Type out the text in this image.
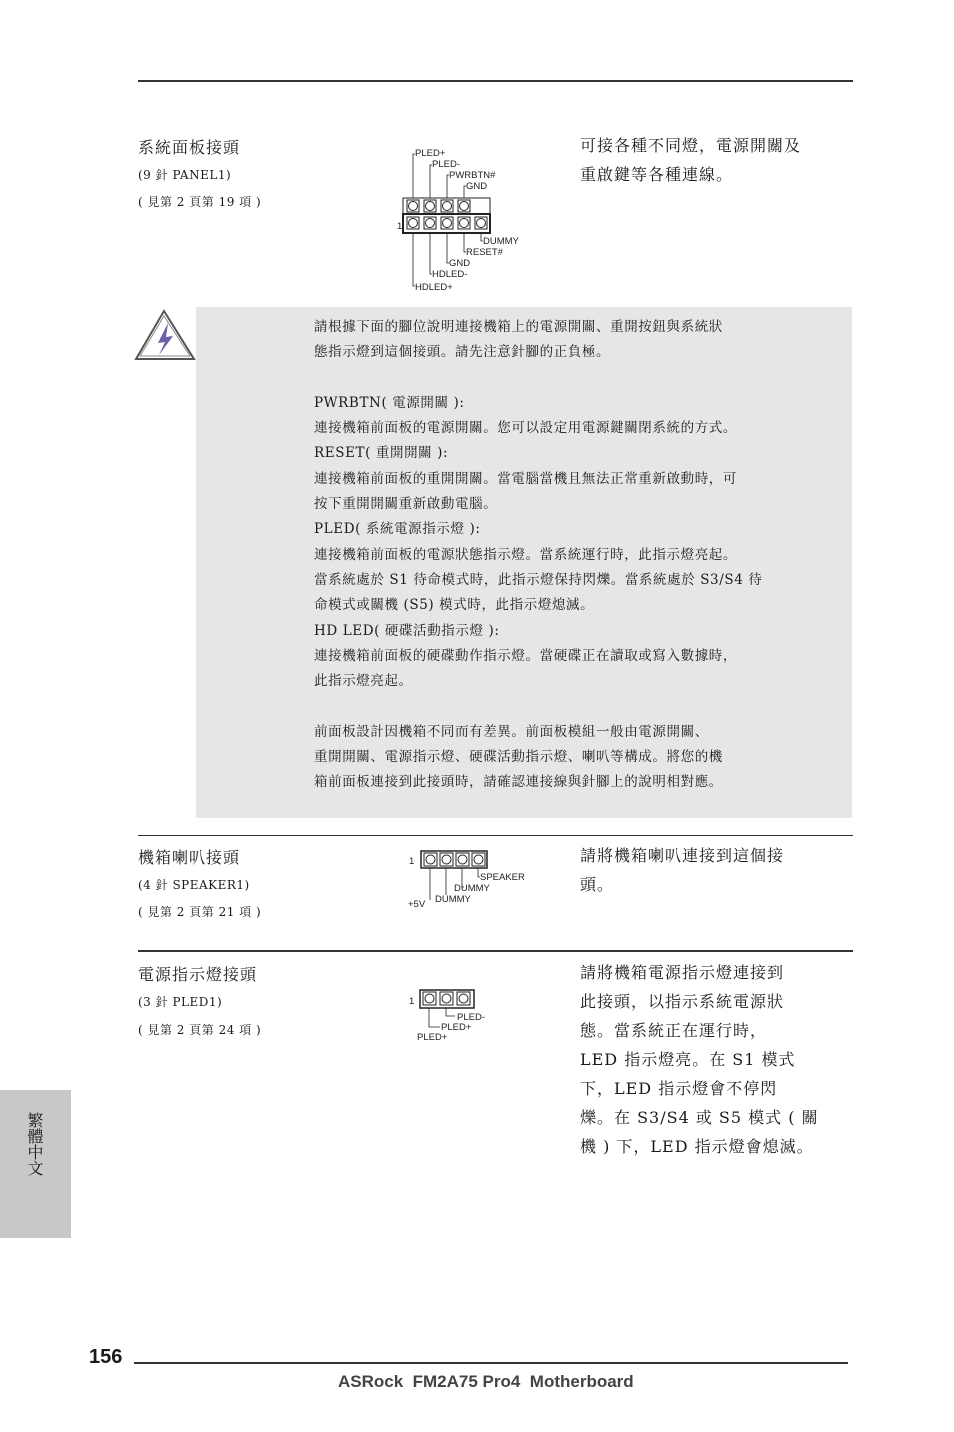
系統面板接頭
(9 針 PANEL1)
( 見第 2 頁第 19 項 )
可接各種不同燈，電源開關及
重啟鍵等各種連線。
1
PLED+
PLED-
PWRBTN#
GND
DUMMY
RESET#
GND
HDLED-
HDLED+
請根據下面的腳位說明連接機箱上的電源開關、重開按鈕與系統狀
態指示燈到這個接頭。請先注意針腳的正負極。
PWRBTN( 電源開關 ):
連接機箱前面板的電源開關。您可以設定用電源鍵關閉系統的方式。
RESET( 重開開關 ):
連接機箱前面板的重開開關。當電腦當機且無法正常重新啟動時，可
按下重開開關重新啟動電腦。
PLED( 系統電源指示燈 ):
連接機箱前面板的電源狀態指示燈。當系統運行時，此指示燈亮起。
當系統處於 S1 待命模式時，此指示燈保持閃爍。當系統處於 S3/S4 待
命模式或關機 (S5) 模式時，此指示燈熄滅。
HD LED( 硬碟活動指示燈 ):
連接機箱前面板的硬碟動作指示燈。當硬碟正在讀取或寫入數據時，
此指示燈亮起。
前面板設計因機箱不同而有差異。前面板模組一般由電源開關、
重開開關、電源指示燈、硬碟活動指示燈、喇叭等構成。將您的機
箱前面板連接到此接頭時，請確認連接線與針腳上的說明相對應。
機箱喇叭接頭
(4 針 SPEAKER1)
( 見第 2 頁第 21 項 )
請將機箱喇叭連接到這個接
頭。
1
SPEAKER
DUMMY
+5V DUMMY
電源指示燈接頭
(3 針 PLED1)
( 見第 2 頁第 24 項 )
請將機箱電源指示燈連接到
此接頭，以指示系統電源狀
態。當系統正在運行時，
LED 指示燈亮。在 S1 模式
下，LED 指示燈會不停閃
爍。在 S3/S4 或 S5 模式 ( 關
機 ) 下，LED 指示燈會熄滅。
1
PLED-
PLED+
PLED+
繁體中文
156
ASRock  FM2A75 Pro4  Motherboard
